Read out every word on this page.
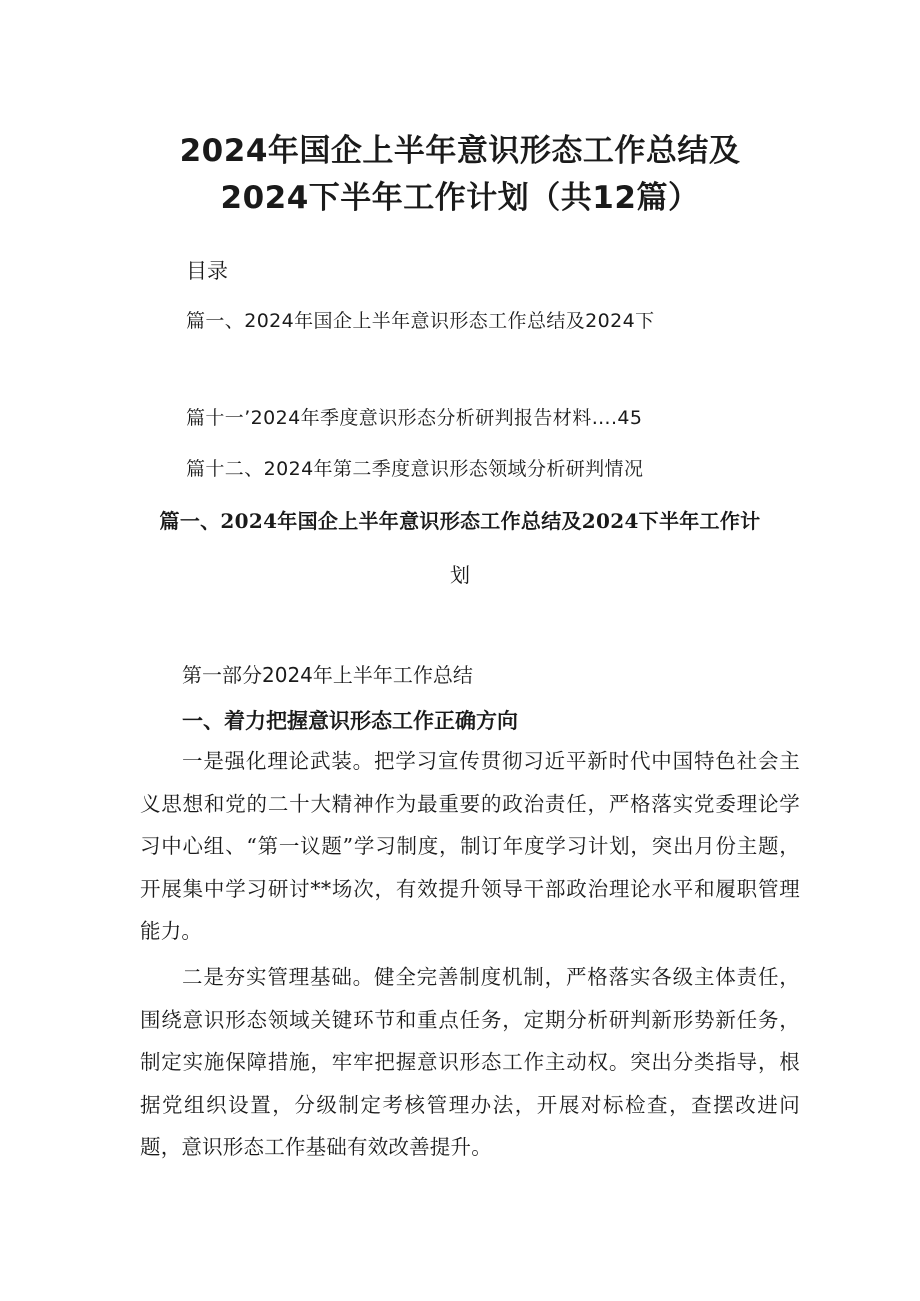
2024年国企上半年意识形态工作总结及
2024下半年工作计划（共12篇）
目录
篇一、2024年国企上半年意识形态工作总结及2024下
篇十一’2024年季度意识形态分析研判报告材料….45
篇十二、2024年第二季度意识形态领域分析研判情况
篇一、2024年国企上半年意识形态工作总结及2024下半年工作计
划
第一部分2024年上半年工作总结
一、着力把握意识形态工作正确方向

一是强化理论武装。把学习宣传贯彻习近平新时代中国特色社会主义思想和党的二十大精神作为最重要的政治责任，严格落实党委理论学习中心组、“第一议题”学习制度，制订年度学习计划，突出月份主题，开展集中学习研讨**场次，有效提升领导干部政治理论水平和履职管理能力。

二是夯实管理基础。健全完善制度机制，严格落实各级主体责任，围绕意识形态领域关键环节和重点任务，定期分析研判新形势新任务，制定实施保障措施，牢牢把握意识形态工作主动权。突出分类指导，根据党组织设置，分级制定考核管理办法，开展对标检查，查摆改进问题，意识形态工作基础有效改善提升。
